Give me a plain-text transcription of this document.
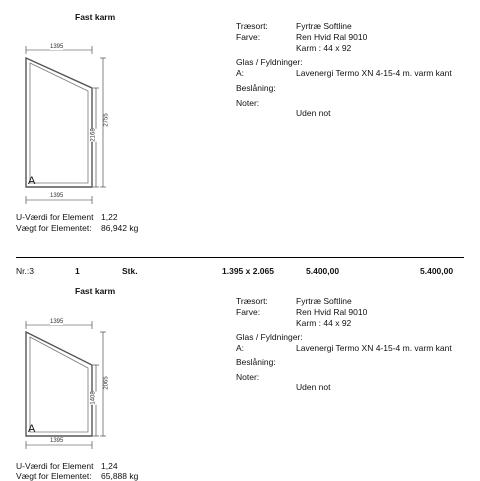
Fast karm
Træsort:	Fyrtræ Softline
Farve:	Ren Hvid Ral 9010
Karm : 44 x 92
Glas / Fyldninger:
A:	Lavenergi Termo XN 4-15-4 m. varm kant
Beslåning:
Noter:
Uden not
1395
1395
2168
2755
A
U-Værdi for Element 1,22
Vægt for Elementet: 86,942 kg
Nr.:3	1	Stk.	1.395 x 2.065	5.400,00	5.400,00
Fast karm
Træsort:	Fyrtræ Softline
Farve:	Ren Hvid Ral 9010
Karm : 44 x 92
Glas / Fyldninger:
A:	Lavenergi Termo XN 4-15-4 m. varm kant
Beslåning:
Noter:
Uden not
1395
1395
1408
2065
A
U-Værdi for Element 1,24
Vægt for Elementet: 65,888 kg
